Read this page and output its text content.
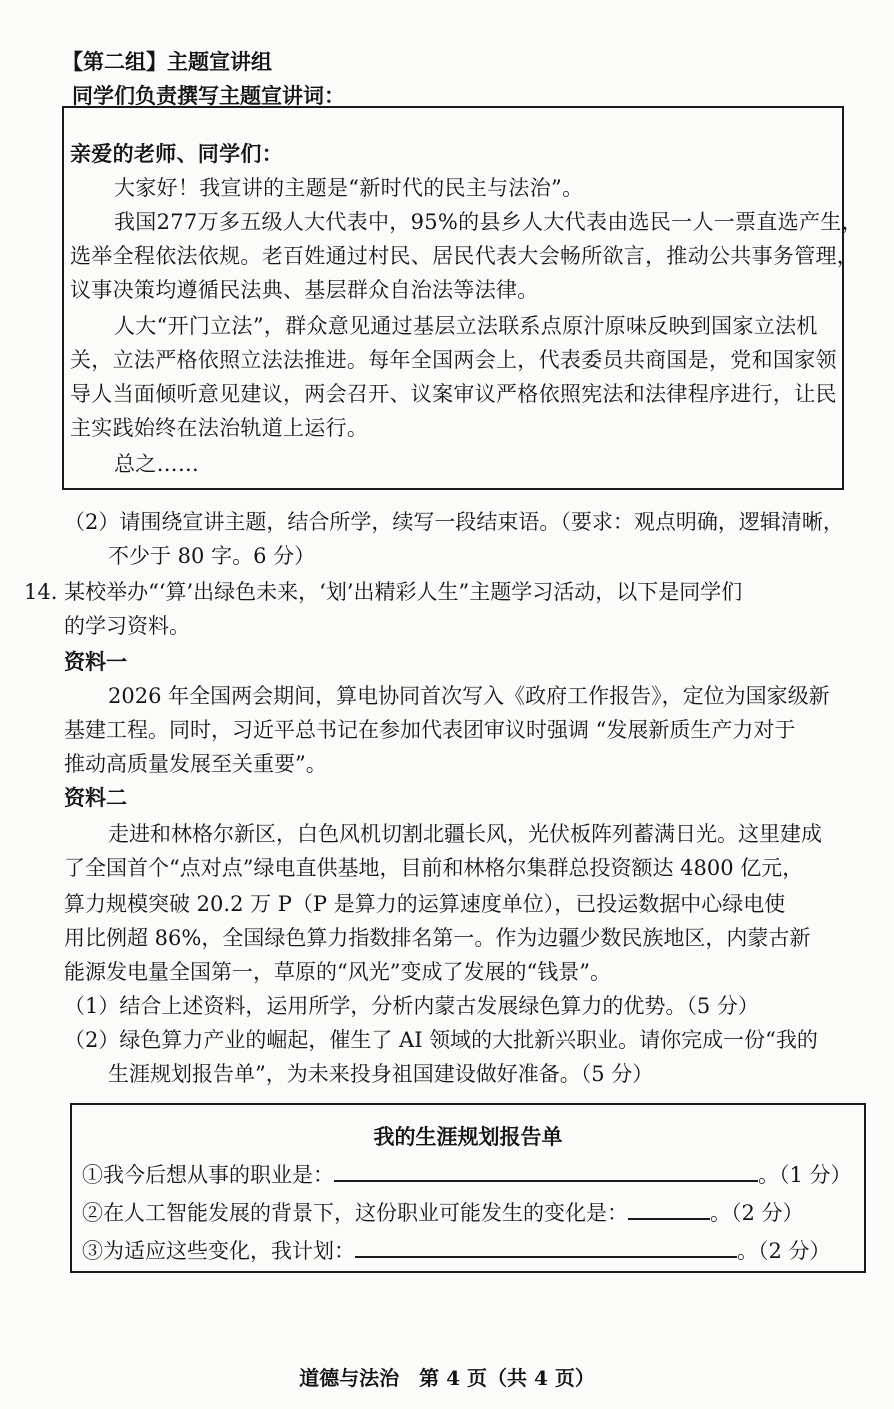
【第二组】主题宣讲组
同学们负责撰写主题宣讲词：
亲爱的老师、同学们：
大家好！我宣讲的主题是“新时代的民主与法治”。
我国277万多五级人大代表中，95%的县乡人大代表由选民一人一票直选产生，
选举全程依法依规。老百姓通过村民、居民代表大会畅所欲言，推动公共事务管理，
议事决策均遵循民法典、基层群众自治法等法律。
人大“开门立法”，群众意见通过基层立法联系点原汁原味反映到国家立法机
关，立法严格依照立法法推进。每年全国两会上，代表委员共商国是，党和国家领
导人当面倾听意见建议，两会召开、议案审议严格依照宪法和法律程序进行，让民
主实践始终在法治轨道上运行。
总之……
（2）请围绕宣讲主题，结合所学，续写一段结束语。（要求：观点明确，逻辑清晰，
不少于 80 字。6 分）
14. 某校举办“‘算’出绿色未来，‘划’出精彩人生”主题学习活动，以下是同学们
的学习资料。
资料一
2026 年全国两会期间，算电协同首次写入《政府工作报告》，定位为国家级新
基建工程。同时，习近平总书记在参加代表团审议时强调 “发展新质生产力对于
推动高质量发展至关重要”。
资料二
走进和林格尔新区，白色风机切割北疆长风，光伏板阵列蓄满日光。这里建成
了全国首个“点对点”绿电直供基地，目前和林格尔集群总投资额达 4800 亿元，
算力规模突破 20.2 万 P（P 是算力的运算速度单位），已投运数据中心绿电使
用比例超 86%，全国绿色算力指数排名第一。作为边疆少数民族地区，内蒙古新
能源发电量全国第一，草原的“风光”变成了发展的“钱景”。
（1）结合上述资料，运用所学，分析内蒙古发展绿色算力的优势。（5 分）
（2）绿色算力产业的崛起，催生了 AI 领域的大批新兴职业。请你完成一份“我的
生涯规划报告单”，为未来投身祖国建设做好准备。（5 分）
我的生涯规划报告单
①我今后想从事的职业是：	。（1 分）
②在人工智能发展的背景下，这份职业可能发生的变化是：	。（2 分）
③为适应这些变化，我计划：	。（2 分）
道德与法治　第 4 页（共 4 页）
